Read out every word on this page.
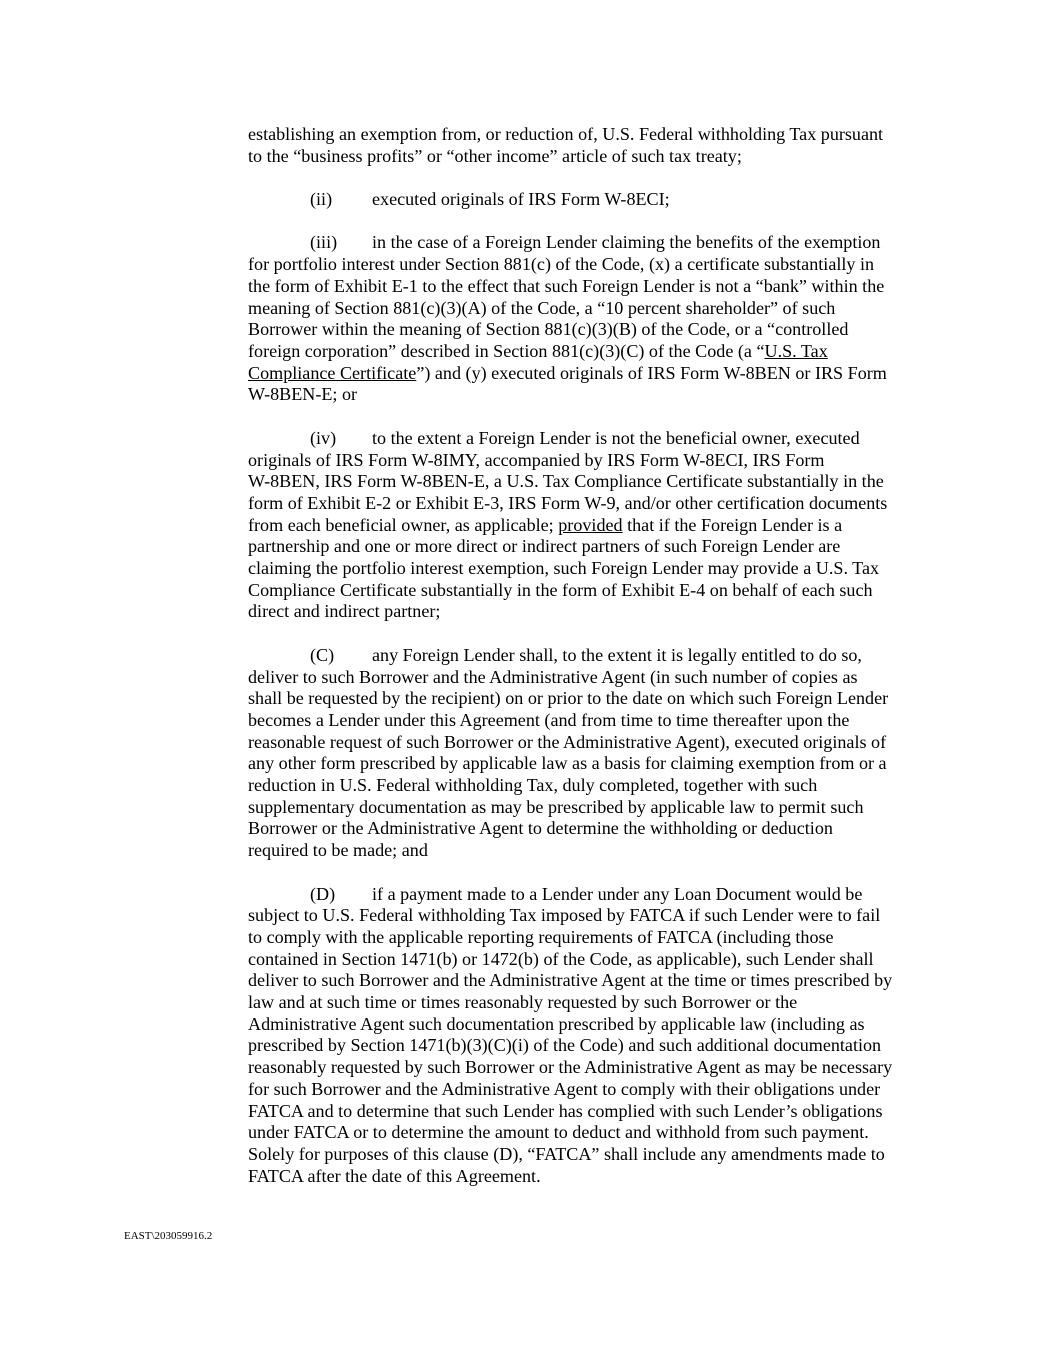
establishing an exemption from, or reduction of, U.S. Federal withholding Tax pursuant
to the “business profits” or “other income” article of such tax treaty;
(ii) executed originals of IRS Form W-8ECI;
(iii) in the case of a Foreign Lender claiming the benefits of the exemption
for portfolio interest under Section 881(c) of the Code, (x) a certificate substantially in
the form of Exhibit E-1 to the effect that such Foreign Lender is not a “bank” within the
meaning of Section 881(c)(3)(A) of the Code, a “10 percent shareholder” of such
Borrower within the meaning of Section 881(c)(3)(B) of the Code, or a “controlled
foreign corporation” described in Section 881(c)(3)(C) of the Code (a “U.S. Tax
Compliance Certificate”) and (y) executed originals of IRS Form W-8BEN or IRS Form
W-8BEN-E; or
(iv) to the extent a Foreign Lender is not the beneficial owner, executed
originals of IRS Form W-8IMY, accompanied by IRS Form W-8ECI, IRS Form
W-8BEN, IRS Form W-8BEN-E, a U.S. Tax Compliance Certificate substantially in the
form of Exhibit E-2 or Exhibit E-3, IRS Form W-9, and/or other certification documents
from each beneficial owner, as applicable; provided that if the Foreign Lender is a
partnership and one or more direct or indirect partners of such Foreign Lender are
claiming the portfolio interest exemption, such Foreign Lender may provide a U.S. Tax
Compliance Certificate substantially in the form of Exhibit E-4 on behalf of each such
direct and indirect partner;
(C) any Foreign Lender shall, to the extent it is legally entitled to do so,
deliver to such Borrower and the Administrative Agent (in such number of copies as
shall be requested by the recipient) on or prior to the date on which such Foreign Lender
becomes a Lender under this Agreement (and from time to time thereafter upon the
reasonable request of such Borrower or the Administrative Agent), executed originals of
any other form prescribed by applicable law as a basis for claiming exemption from or a
reduction in U.S. Federal withholding Tax, duly completed, together with such
supplementary documentation as may be prescribed by applicable law to permit such
Borrower or the Administrative Agent to determine the withholding or deduction
required to be made; and
(D) if a payment made to a Lender under any Loan Document would be
subject to U.S. Federal withholding Tax imposed by FATCA if such Lender were to fail
to comply with the applicable reporting requirements of FATCA (including those
contained in Section 1471(b) or 1472(b) of the Code, as applicable), such Lender shall
deliver to such Borrower and the Administrative Agent at the time or times prescribed by
law and at such time or times reasonably requested by such Borrower or the
Administrative Agent such documentation prescribed by applicable law (including as
prescribed by Section 1471(b)(3)(C)(i) of the Code) and such additional documentation
reasonably requested by such Borrower or the Administrative Agent as may be necessary
for such Borrower and the Administrative Agent to comply with their obligations under
FATCA and to determine that such Lender has complied with such Lender’s obligations
under FATCA or to determine the amount to deduct and withhold from such payment.
Solely for purposes of this clause (D), “FATCA” shall include any amendments made to
FATCA after the date of this Agreement.
EAST\203059916.2
